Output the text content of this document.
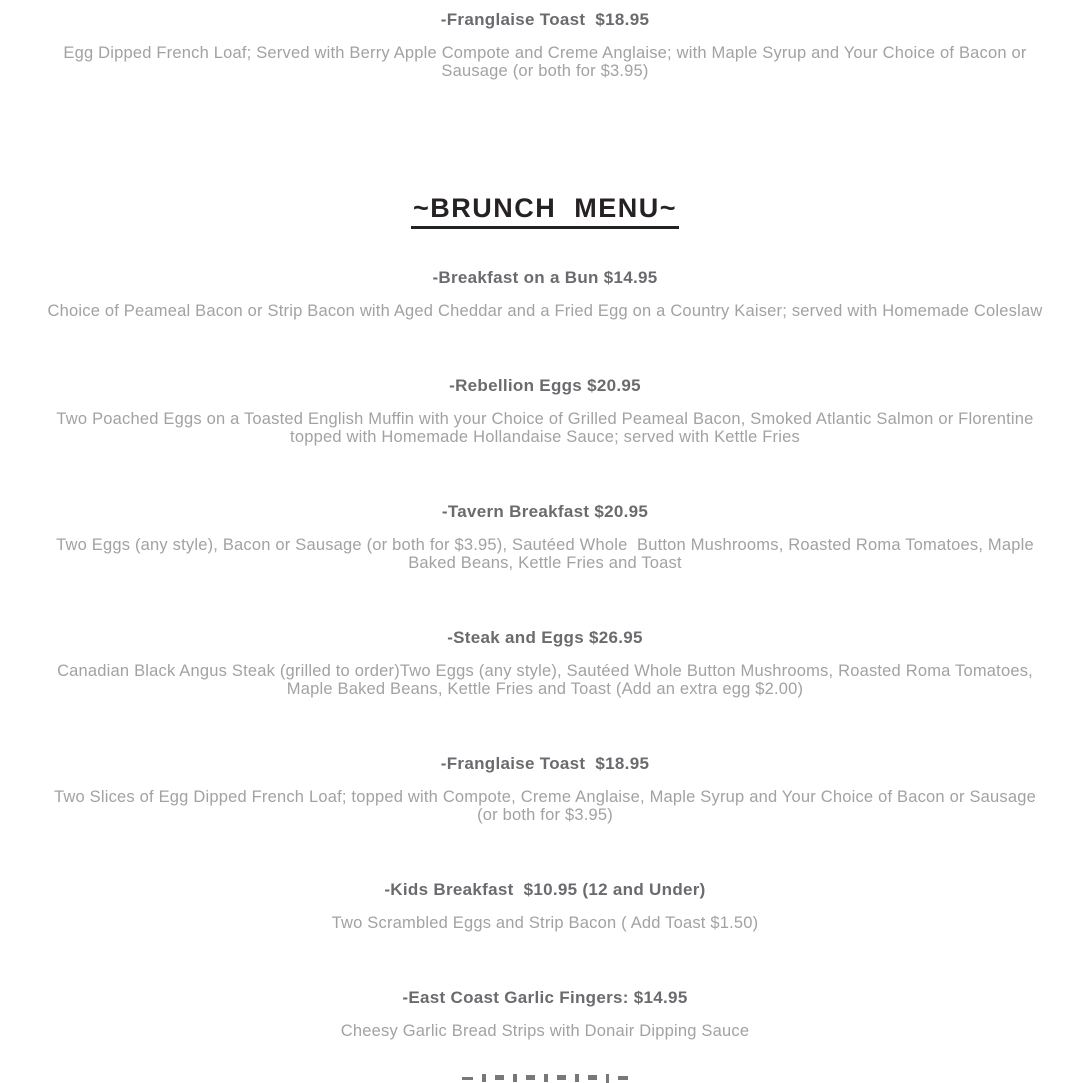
-Franglaise Toast  $18.95

Egg Dipped French Loaf; Served with Berry Apple Compote and Creme Anglaise; with Maple Syrup and Your Choice of Bacon or Sausage (or both for $3.95)

~BRUNCH  MENU~
-Breakfast on a Bun $14.95

Choice of Peameal Bacon or Strip Bacon with Aged Cheddar and a Fried Egg on a Country Kaiser; served with Homemade Coleslaw

-Rebellion Eggs $20.95

Two Poached Eggs on a Toasted English Muffin with your Choice of Grilled Peameal Bacon, Smoked Atlantic Salmon or Florentine topped with Homemade Hollandaise Sauce; served with Kettle Fries

-Tavern Breakfast $20.95

Two Eggs (any style), Bacon or Sausage (or both for $3.95), Sautéed Whole  Button Mushrooms, Roasted Roma Tomatoes, Maple Baked Beans, Kettle Fries and Toast

-Steak and Eggs $26.95

Canadian Black Angus Steak (grilled to order)Two Eggs (any style), Sautéed Whole Button Mushrooms, Roasted Roma Tomatoes, Maple Baked Beans, Kettle Fries and Toast (Add an extra egg $2.00)

-Franglaise Toast  $18.95

Two Slices of Egg Dipped French Loaf; topped with Compote, Creme Anglaise, Maple Syrup and Your Choice of Bacon or Sausage (or both for $3.95)

-Kids Breakfast  $10.95 (12 and Under)

Two Scrambled Eggs and Strip Bacon ( Add Toast $1.50)

-East Coast Garlic Fingers: $14.95

Cheesy Garlic Bread Strips with Donair Dipping Sauce
